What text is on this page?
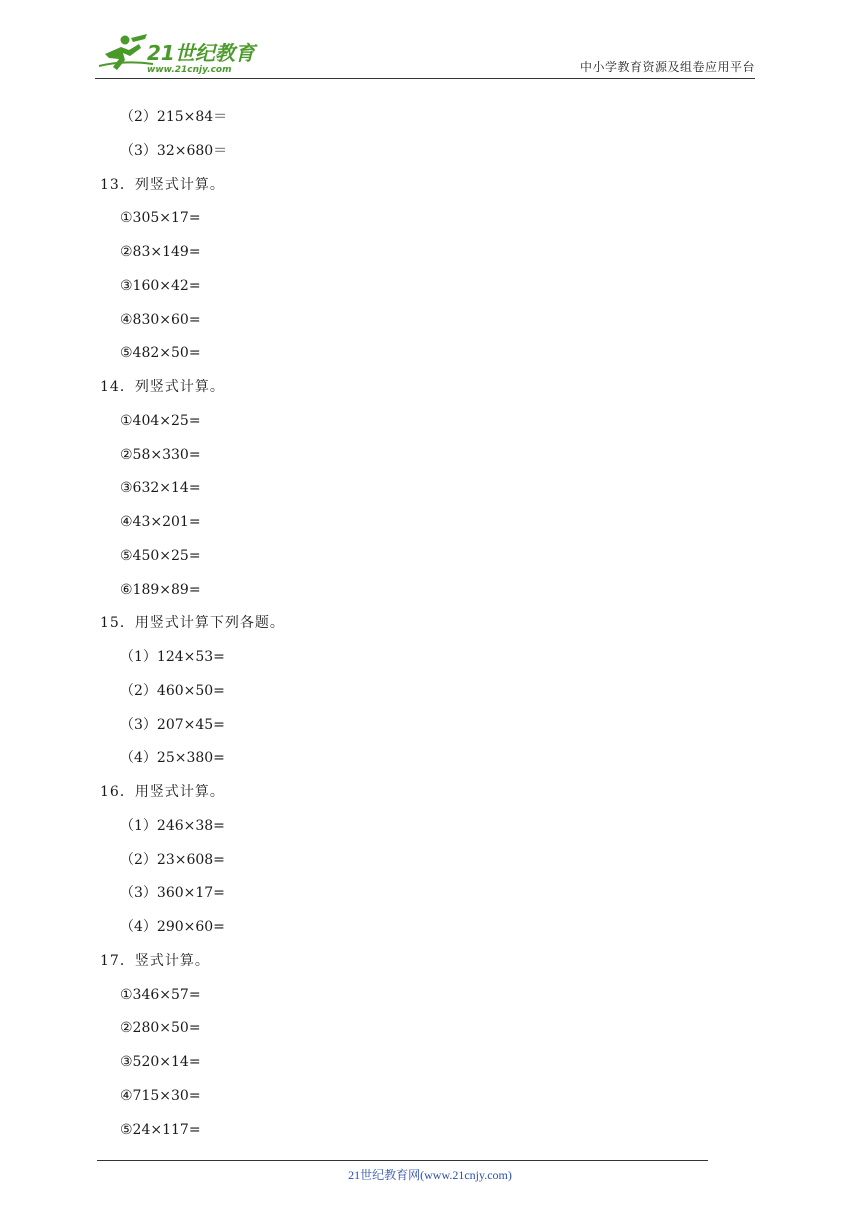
21世纪教育
www.21cnjy.com	中小学教育资源及组卷应用平台
（2）215×84＝
（3）32×680＝
13．列竖式计算。
①305×17=
②83×149=
③160×42=
④830×60=
⑤482×50=
14．列竖式计算。
①404×25=
②58×330=
③632×14=
④43×201=
⑤450×25=
⑥189×89=
15．用竖式计算下列各题。
（1）124×53=
（2）460×50=
（3）207×45=
（4）25×380=
16．用竖式计算。
（1）246×38=
（2）23×608=
（3）360×17=
（4）290×60=
17．竖式计算。
①346×57=
②280×50=
③520×14=
④715×30=
⑤24×117=
21世纪教育网(www.21cnjy.com)
